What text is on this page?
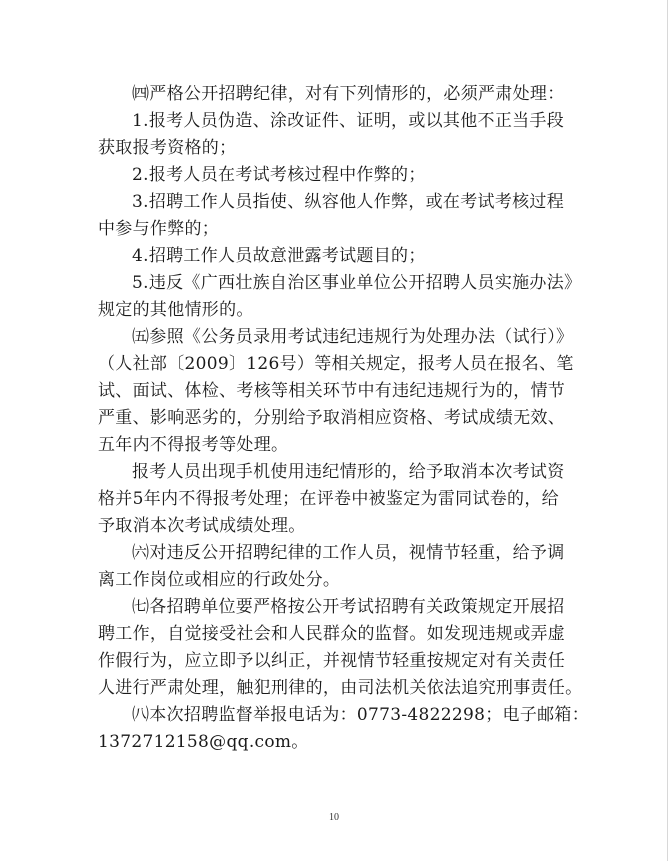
㈣严格公开招聘纪律，对有下列情形的，必须严肃处理：
1.报考人员伪造、涂改证件、证明，或以其他不正当手段
获取报考资格的；
2.报考人员在考试考核过程中作弊的；
3.招聘工作人员指使、纵容他人作弊，或在考试考核过程
中参与作弊的；
4.招聘工作人员故意泄露考试题目的；
5.违反《广西壮族自治区事业单位公开招聘人员实施办法》
规定的其他情形的。
㈤参照《公务员录用考试违纪违规行为处理办法（试行）》
（人社部〔2009〕126号）等相关规定，报考人员在报名、笔
试、面试、体检、考核等相关环节中有违纪违规行为的，情节
严重、影响恶劣的，分别给予取消相应资格、考试成绩无效、
五年内不得报考等处理。
报考人员出现手机使用违纪情形的，给予取消本次考试资
格并5年内不得报考处理；在评卷中被鉴定为雷同试卷的，给
予取消本次考试成绩处理。
㈥对违反公开招聘纪律的工作人员，视情节轻重，给予调
离工作岗位或相应的行政处分。
㈦各招聘单位要严格按公开考试招聘有关政策规定开展招
聘工作，自觉接受社会和人民群众的监督。如发现违规或弄虚
作假行为，应立即予以纠正，并视情节轻重按规定对有关责任
人进行严肃处理，触犯刑律的，由司法机关依法追究刑事责任。
㈧本次招聘监督举报电话为：0773-4822298；电子邮箱：
1372712158@qq.com。
10
